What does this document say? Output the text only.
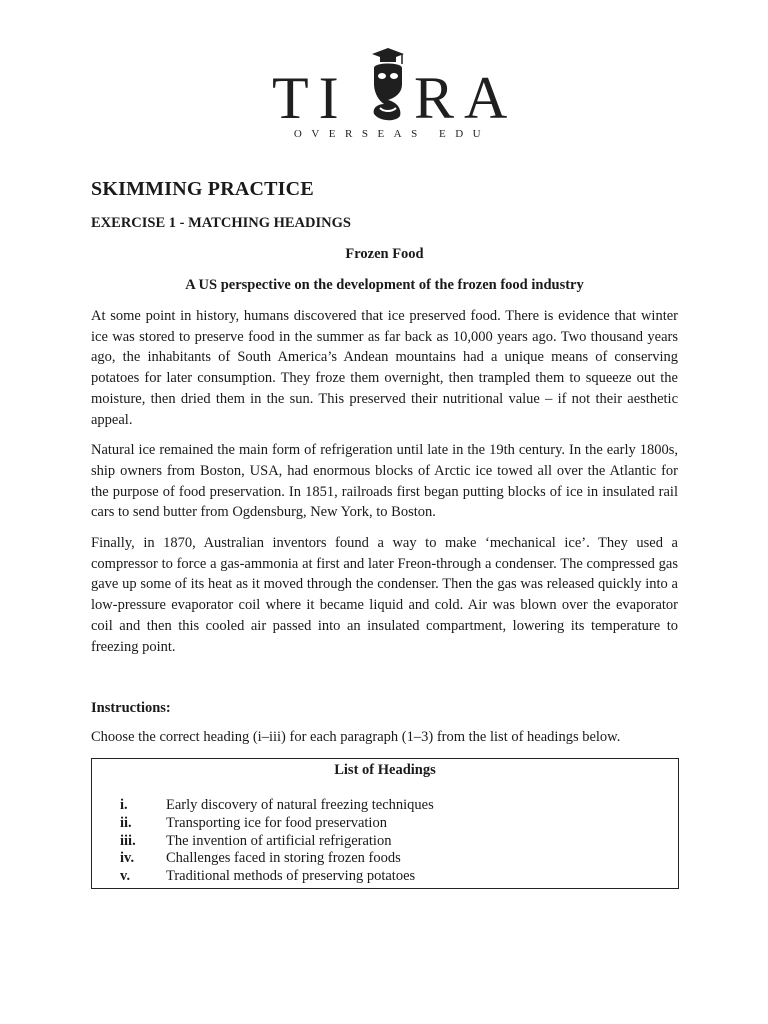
TI RA
OVERSEAS EDU
SKIMMING PRACTICE
EXERCISE 1 - MATCHING HEADINGS
Frozen Food
A US perspective on the development of the frozen food industry

At some point in history, humans discovered that ice preserved food. There is evidence that winter ice was stored to preserve food in the summer as far back as 10,000 years ago. Two thousand years ago, the inhabitants of South America’s Andean mountains had a unique means of conserving potatoes for later consumption. They froze them overnight, then trampled them to squeeze out the moisture, then dried them in the sun. This preserved their nutritional value – if not their aesthetic appeal.

Natural ice remained the main form of refrigeration until late in the 19th century. In the early 1800s, ship owners from Boston, USA, had enormous blocks of Arctic ice towed all over the Atlantic for the purpose of food preservation. In 1851, railroads first began putting blocks of ice in insulated rail cars to send butter from Ogdensburg, New York, to Boston.

Finally, in 1870, Australian inventors found a way to make ‘mechanical ice’. They used a compressor to force a gas-ammonia at first and later Freon-through a condenser. The compressed gas gave up some of its heat as it moved through the condenser. Then the gas was released quickly into a low-pressure evaporator coil where it became liquid and cold. Air was blown over the evaporator coil and then this cooled air passed into an insulated compartment, lowering its temperature to freezing point.

Instructions:
Choose the correct heading (i–iii) for each paragraph (1–3) from the list of headings below.
List of Headings
i.	Early discovery of natural freezing techniques
ii.	Transporting ice for food preservation
iii.	The invention of artificial refrigeration
iv.	Challenges faced in storing frozen foods
v.	Traditional methods of preserving potatoes
